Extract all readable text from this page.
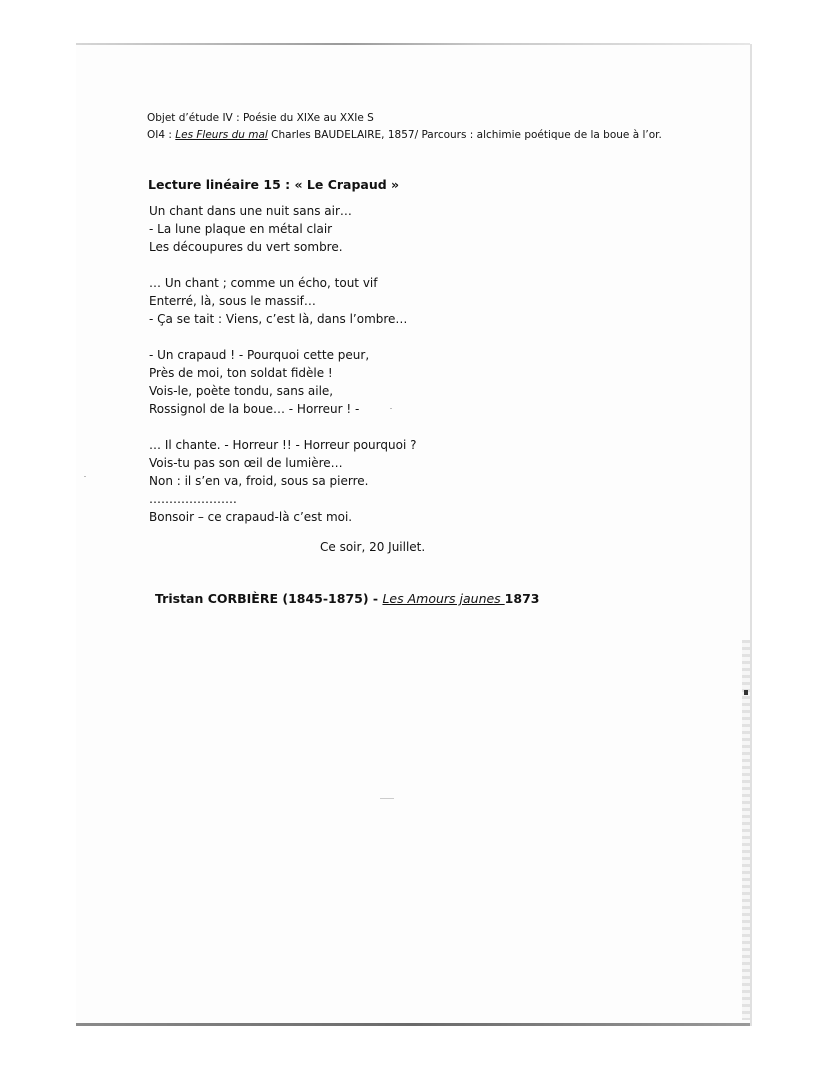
Objet d’étude IV : Poésie du XIXe au XXIe S
OI4 : Les Fleurs du mal Charles BAUDELAIRE, 1857/ Parcours : alchimie poétique de la boue à l’or.
Lecture linéaire 15 : « Le Crapaud »
Un chant dans une nuit sans air…
- La lune plaque en métal clair
Les découpures du vert sombre.
… Un chant ; comme un écho, tout vif
Enterré, là, sous le massif…
- Ça se tait : Viens, c’est là, dans l’ombre…
- Un crapaud ! - Pourquoi cette peur,
Près de moi, ton soldat fidèle !
Vois-le, poète tondu, sans aile,
Rossignol de la boue… - Horreur ! -
… Il chante. - Horreur !! - Horreur pourquoi ?
Vois-tu pas son œil de lumière…
Non : il s’en va, froid, sous sa pierre.
………………….
Bonsoir – ce crapaud-là c’est moi.
Ce soir, 20 Juillet.
Tristan CORBIÈRE (1845-1875) - Les Amours jaunes 1873
